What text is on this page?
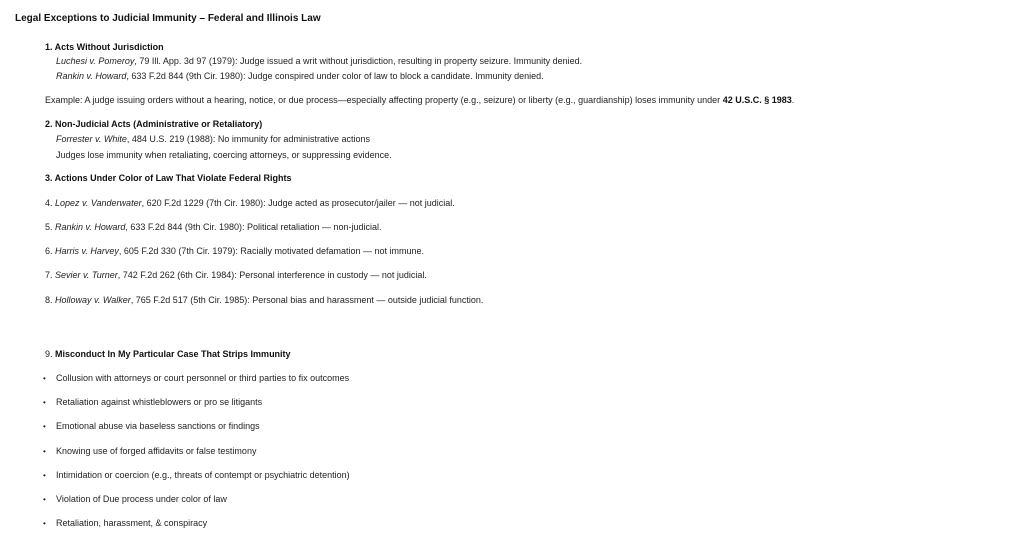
Legal Exceptions to Judicial Immunity – Federal and Illinois Law
1. Acts Without Jurisdiction
Luchesi v. Pomeroy, 79 Ill. App. 3d 97 (1979): Judge issued a writ without jurisdiction, resulting in property seizure. Immunity denied.
Rankin v. Howard, 633 F.2d 844 (9th Cir. 1980): Judge conspired under color of law to block a candidate. Immunity denied.
Example: A judge issuing orders without a hearing, notice, or due process—especially affecting property (e.g., seizure) or liberty (e.g., guardianship) loses immunity under 42 U.S.C. § 1983.
2. Non-Judicial Acts (Administrative or Retaliatory)
Forrester v. White, 484 U.S. 219 (1988): No immunity for administrative actions
Judges lose immunity when retaliating, coercing attorneys, or suppressing evidence.
3. Actions Under Color of Law That Violate Federal Rights
4. Lopez v. Vanderwater, 620 F.2d 1229 (7th Cir. 1980): Judge acted as prosecutor/jailer — not judicial.
5. Rankin v. Howard, 633 F.2d 844 (9th Cir. 1980): Political retaliation — non-judicial.
6. Harris v. Harvey, 605 F.2d 330 (7th Cir. 1979): Racially motivated defamation — not immune.
7. Sevier v. Turner, 742 F.2d 262 (6th Cir. 1984): Personal interference in custody — not judicial.
8. Holloway v. Walker, 765 F.2d 517 (5th Cir. 1985): Personal bias and harassment — outside judicial function.
9. Misconduct In My Particular Case That Strips Immunity
• Collusion with attorneys or court personnel or third parties to fix outcomes
• Retaliation against whistleblowers or pro se litigants
• Emotional abuse via baseless sanctions or findings
• Knowing use of forged affidavits or false testimony
• Intimidation or coercion (e.g., threats of contempt or psychiatric detention)
• Violation of Due process under color of law
• Retaliation, harassment, & conspiracy
